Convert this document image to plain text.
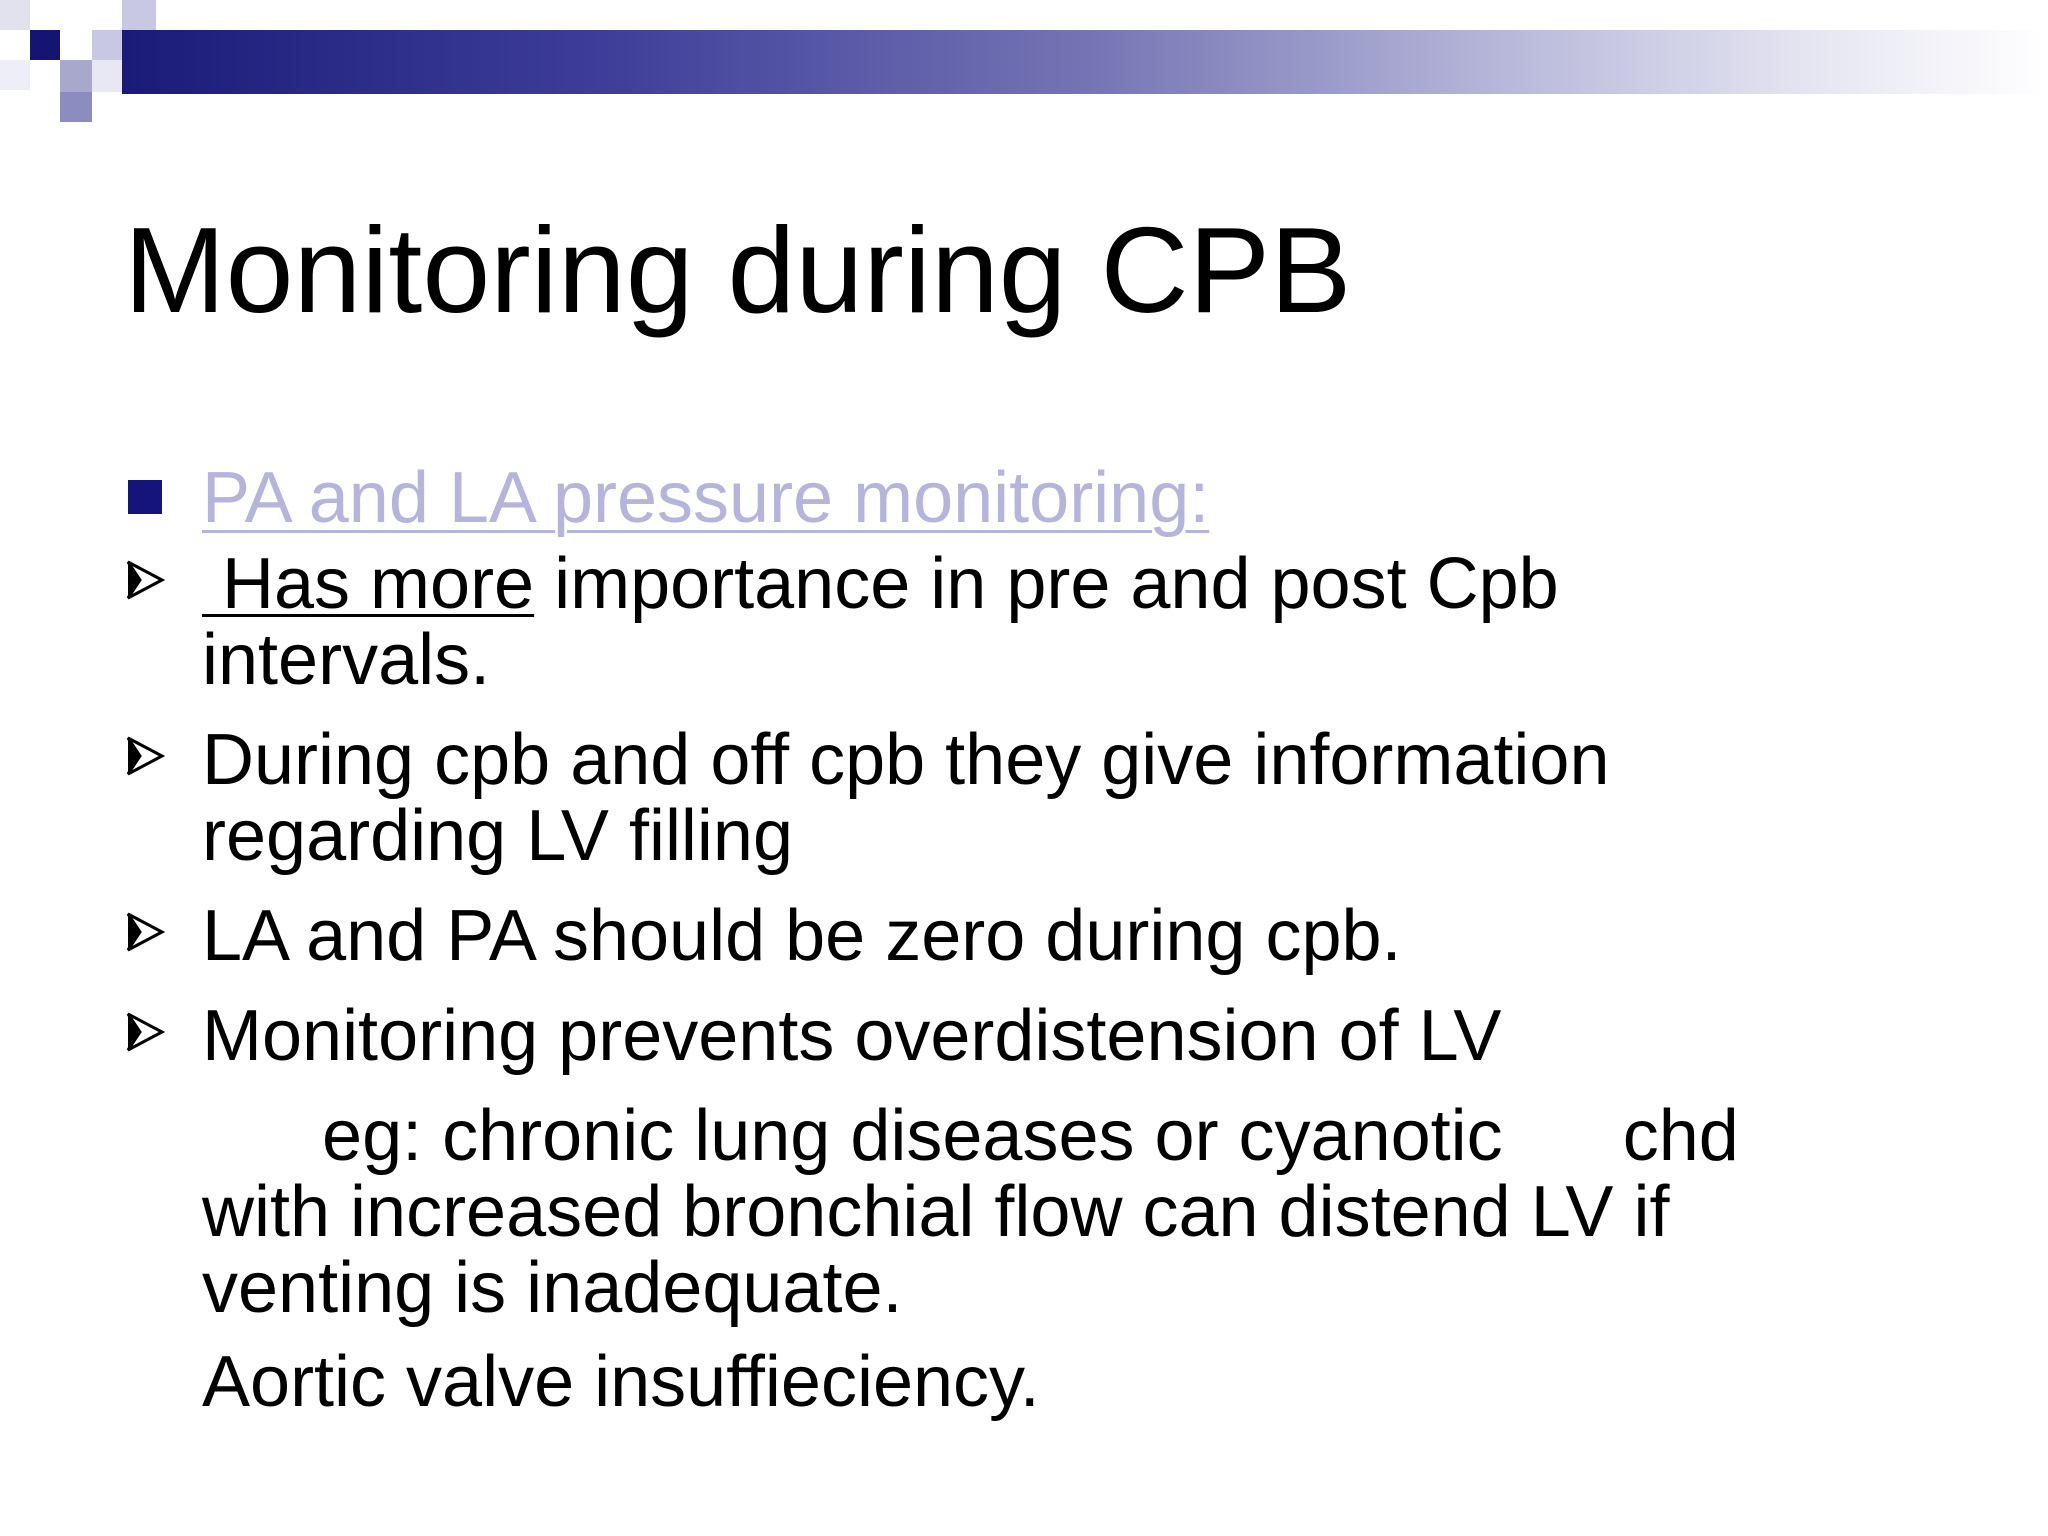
Monitoring during CPB
PA and LA pressure monitoring:
Has more importance in pre and post Cpb
intervals.
During cpb and off cpb they give information
regarding LV filling
LA and PA should be zero during cpb.
Monitoring prevents overdistension of LV
eg: chronic lung diseases or cyanotic      chd
with increased bronchial flow can distend LV if
venting is inadequate.
Aortic valve insuffieciency.
